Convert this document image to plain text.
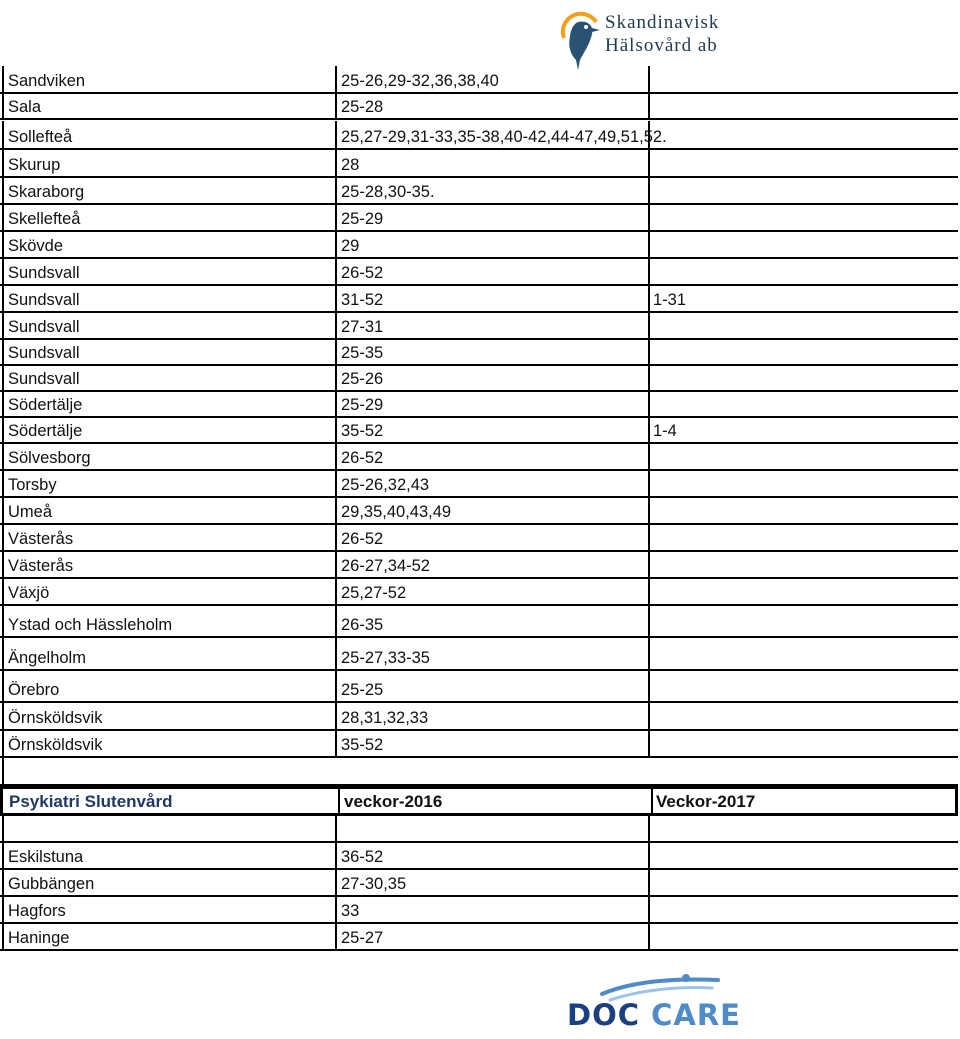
Skandinavisk
Hälsovård ab
Sandviken	25-26,29-32,36,38,40
Sala	25-28
Sollefteå	25,27-29,31-33,35-38,40-42,44-47,49,51,52.
Skurup	28
Skaraborg	25-28,30-35.
Skellefteå	25-29
Skövde	29
Sundsvall	26-52
Sundsvall	31-52	1-31
Sundsvall	27-31
Sundsvall	25-35
Sundsvall	25-26
Södertälje	25-29
Södertälje	35-52	1-4
Sölvesborg	26-52
Torsby	25-26,32,43
Umeå	29,35,40,43,49
Västerås	26-52
Västerås	26-27,34-52
Växjö	25,27-52
Ystad och Hässleholm	26-35
Ängelholm	25-27,33-35
Örebro	25-25
Örnsköldsvik	28,31,32,33
Örnsköldsvik	35-52
Psykiatri Slutenvård	veckor-2016	Veckor-2017
Eskilstuna	36-52
Gubbängen	27-30,35
Hagfors	33
Haninge	25-27
DOC CARE
